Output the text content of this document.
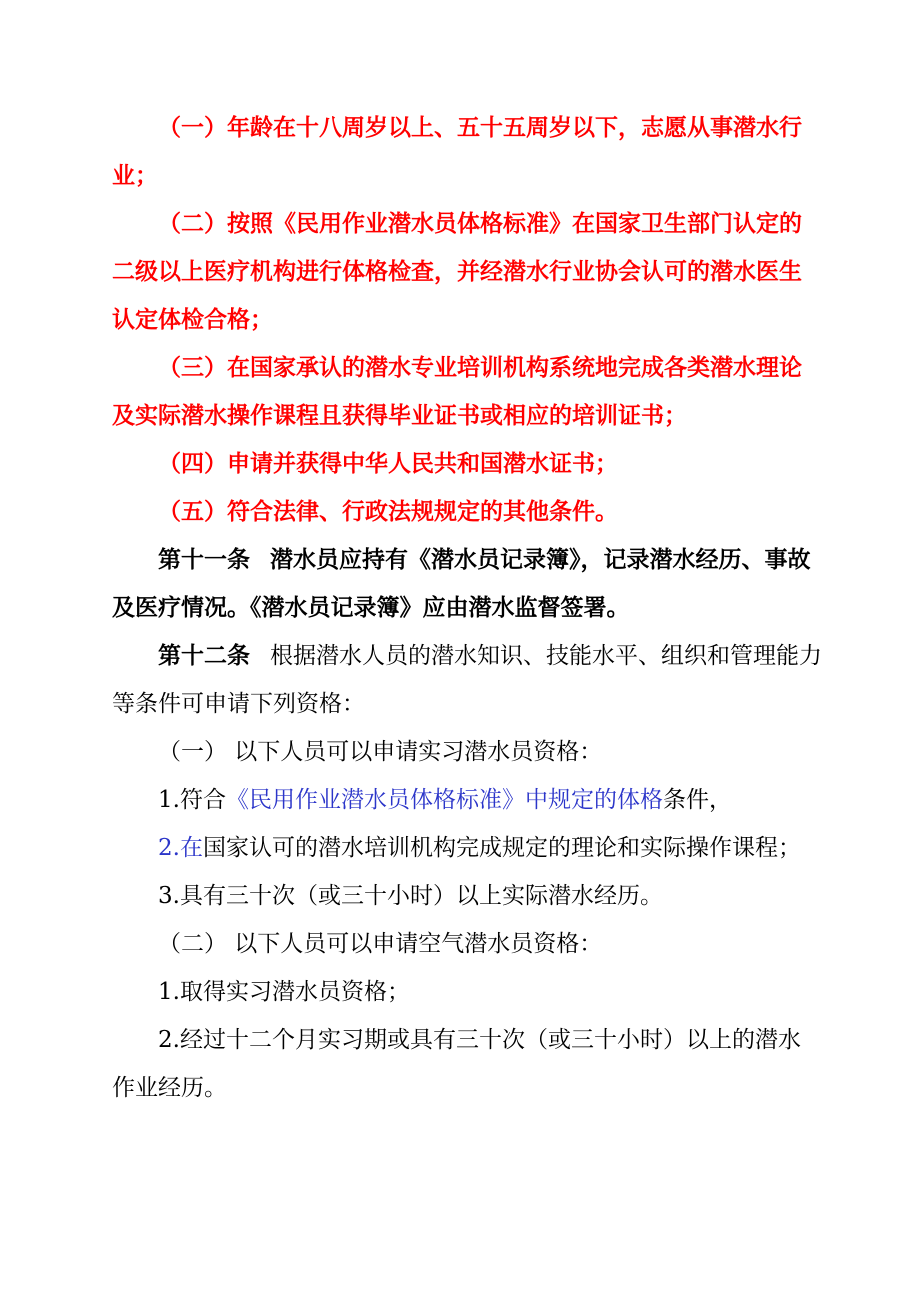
（一）年龄在十八周岁以上、五十五周岁以下，志愿从事潜水行业；

（二）按照《民用作业潜水员体格标准》在国家卫生部门认定的二级以上医疗机构进行体格检查，并经潜水行业协会认可的潜水医生认定体检合格；

（三）在国家承认的潜水专业培训机构系统地完成各类潜水理论及实际潜水操作课程且获得毕业证书或相应的培训证书；

（四）申请并获得中华人民共和国潜水证书；

（五）符合法律、行政法规规定的其他条件。

第十一条 潜水员应持有《潜水员记录簿》，记录潜水经历、事故及医疗情况。《潜水员记录簿》应由潜水监督签署。

第十二条 根据潜水人员的潜水知识、技能水平、组织和管理能力等条件可申请下列资格：

（一） 以下人员可以申请实习潜水员资格：

1.符合《民用作业潜水员体格标准》中规定的体格条件，

2.在国家认可的潜水培训机构完成规定的理论和实际操作课程；

3.具有三十次（或三十小时）以上实际潜水经历。

（二） 以下人员可以申请空气潜水员资格：

1.取得实习潜水员资格；

2.经过十二个月实习期或具有三十次（或三十小时）以上的潜水作业经历。
